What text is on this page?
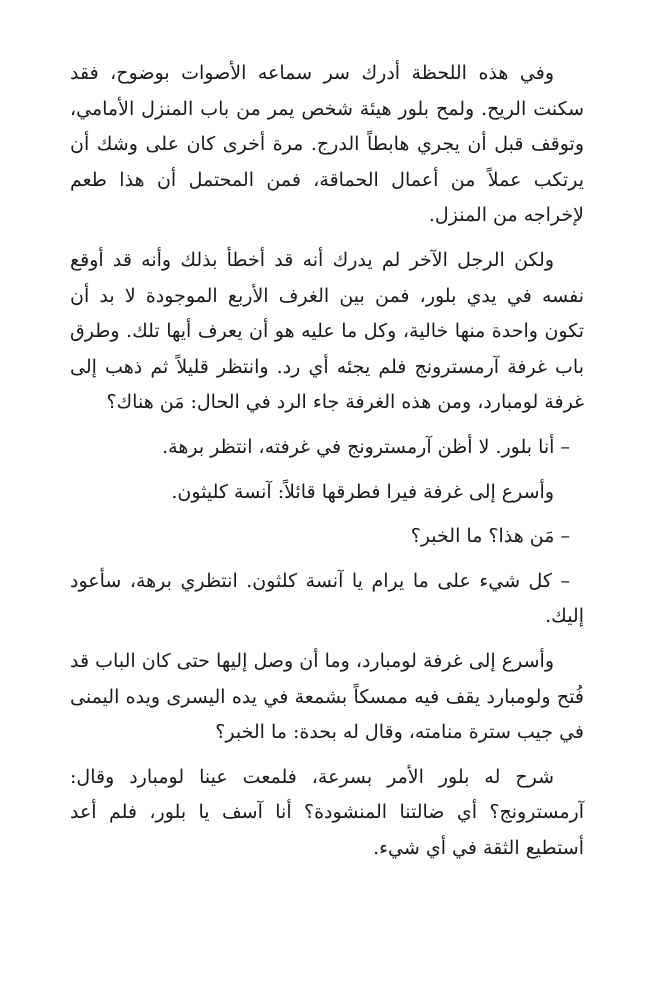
وفي هذه اللحظة أدرك سر سماعه الأصوات بوضوح، فقد سكنت الريح. ولمح بلور هيئة شخص يمر من باب المنزل الأمامي، وتوقف قبل أن يجري هابطاً الدرج. مرة أخرى كان على وشك أن يرتكب عملاً من أعمال الحماقة، فمن المحتمل أن هذا طعم لإخراجه من المنزل.

ولكن الرجل الآخر لم يدرك أنه قد أخطأ بذلك وأنه قد أوقع نفسه في يدي بلور، فمن بين الغرف الأربع الموجودة لا بد أن تكون واحدة منها خالية، وكل ما عليه هو أن يعرف أيها تلك. وطرق باب غرفة آرمسترونج فلم يجئه أي رد. وانتظر قليلاً ثم ذهب إلى غرفة لومبارد، ومن هذه الغرفة جاء الرد في الحال: مَن هناك؟

– أنا بلور. لا أظن آرمسترونج في غرفته، انتظر برهة.

وأسرع إلى غرفة فيرا فطرقها قائلاً: آنسة كليثون.

– مَن هذا؟ ما الخبر؟

– كل شيء على ما يرام يا آنسة كلثون. انتظري برهة، سأعود إليك.

وأسرع إلى غرفة لومبارد، وما أن وصل إليها حتى كان الباب قد فُتح ولومبارد يقف فيه ممسكاً بشمعة في يده اليسرى ويده اليمنى في جيب سترة منامته، وقال له بحدة: ما الخبر؟

شرح له بلور الأمر بسرعة، فلمعت عينا لومبارد وقال: آرمسترونج؟ أي ضالتنا المنشودة؟ أنا آسف يا بلور، فلم أعد أستطيع الثقة في أي شيء.
